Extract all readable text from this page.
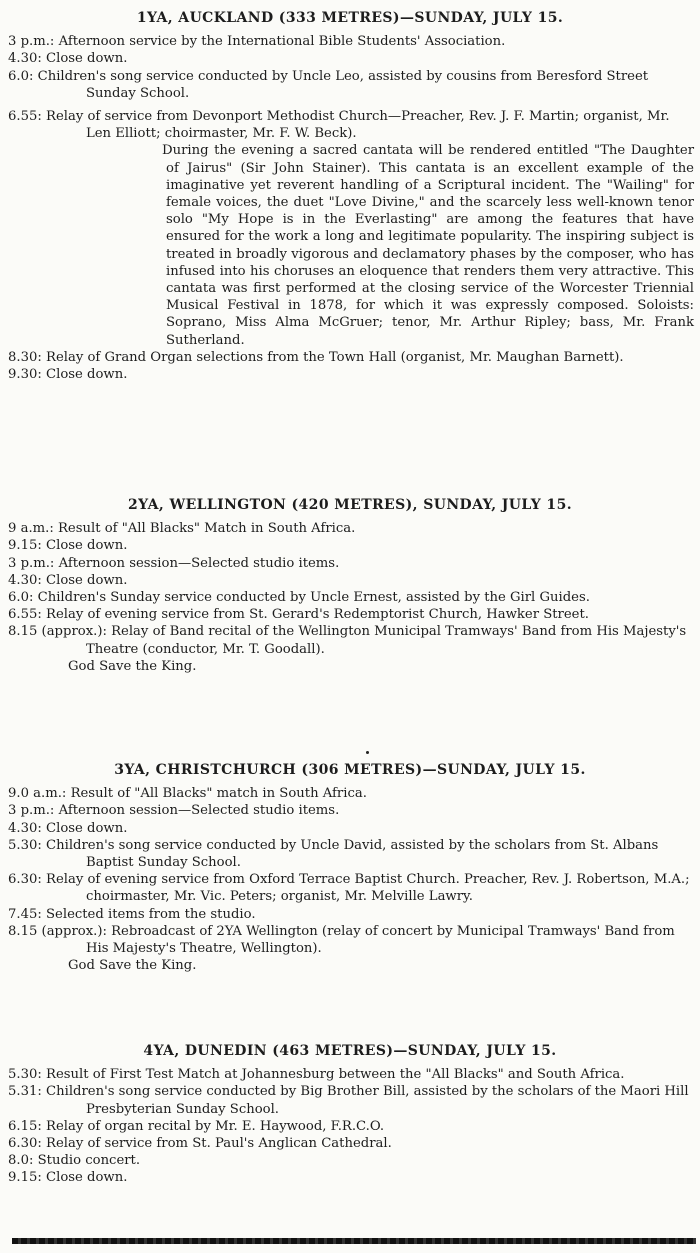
1YA, AUCKLAND (333 METRES)—SUNDAY, JULY 15.

3 p.m.: Afternoon service by the International Bible Students' Association.

4.30: Close down.

6.0: Children's song service conducted by Uncle Leo, assisted by cousins from Beresford Street Sunday School.

6.55: Relay of service from Devonport Methodist Church—Preacher, Rev. J. F. Martin; organist, Mr. Len Elliott; choirmaster, Mr. F. W. Beck).

During the evening a sacred cantata will be rendered entitled "The Daughter of Jairus" (Sir John Stainer). This cantata is an excellent example of the imaginative yet reverent handling of a Scriptural incident. The "Wailing" for female voices, the duet "Love Divine," and the scarcely less well-known tenor solo "My Hope is in the Everlasting" are among the features that have ensured for the work a long and legitimate popularity. The inspiring subject is treated in broadly vigorous and declamatory phases by the composer, who has infused into his choruses an eloquence that renders them very attractive. This cantata was first performed at the closing service of the Worcester Triennial Musical Festival in 1878, for which it was expressly composed. Soloists: Soprano, Miss Alma McGruer; tenor, Mr. Arthur Ripley; bass, Mr. Frank Sutherland.

8.30: Relay of Grand Organ selections from the Town Hall (organist, Mr. Maughan Barnett).

9.30: Close down.

2YA, WELLINGTON (420 METRES), SUNDAY, JULY 15.

9 a.m.: Result of "All Blacks" Match in South Africa.

9.15: Close down.

3 p.m.: Afternoon session—Selected studio items.

4.30: Close down.

6.0: Children's Sunday service conducted by Uncle Ernest, assisted by the Girl Guides.

6.55: Relay of evening service from St. Gerard's Redemptorist Church, Hawker Street.

8.15 (approx.): Relay of Band recital of the Wellington Municipal Tramways' Band from His Majesty's Theatre (conductor, Mr. T. Goodall).

God Save the King.

3YA, CHRISTCHURCH (306 METRES)—SUNDAY, JULY 15.

9.0 a.m.: Result of "All Blacks" match in South Africa.

3 p.m.: Afternoon session—Selected studio items.

4.30: Close down.

5.30: Children's song service conducted by Uncle David, assisted by the scholars from St. Albans Baptist Sunday School.

6.30: Relay of evening service from Oxford Terrace Baptist Church. Preacher, Rev. J. Robertson, M.A.; choirmaster, Mr. Vic. Peters; organist, Mr. Melville Lawry.

7.45: Selected items from the studio.

8.15 (approx.): Rebroadcast of 2YA Wellington (relay of concert by Municipal Tramways' Band from His Majesty's Theatre, Wellington).

God Save the King.

4YA, DUNEDIN (463 METRES)—SUNDAY, JULY 15.

5.30: Result of First Test Match at Johannesburg between the "All Blacks" and South Africa.

5.31: Children's song service conducted by Big Brother Bill, assisted by the scholars of the Maori Hill Presbyterian Sunday School.

6.15: Relay of organ recital by Mr. E. Haywood, F.R.C.O.

6.30: Relay of service from St. Paul's Anglican Cathedral.

8.0: Studio concert.

9.15: Close down.
